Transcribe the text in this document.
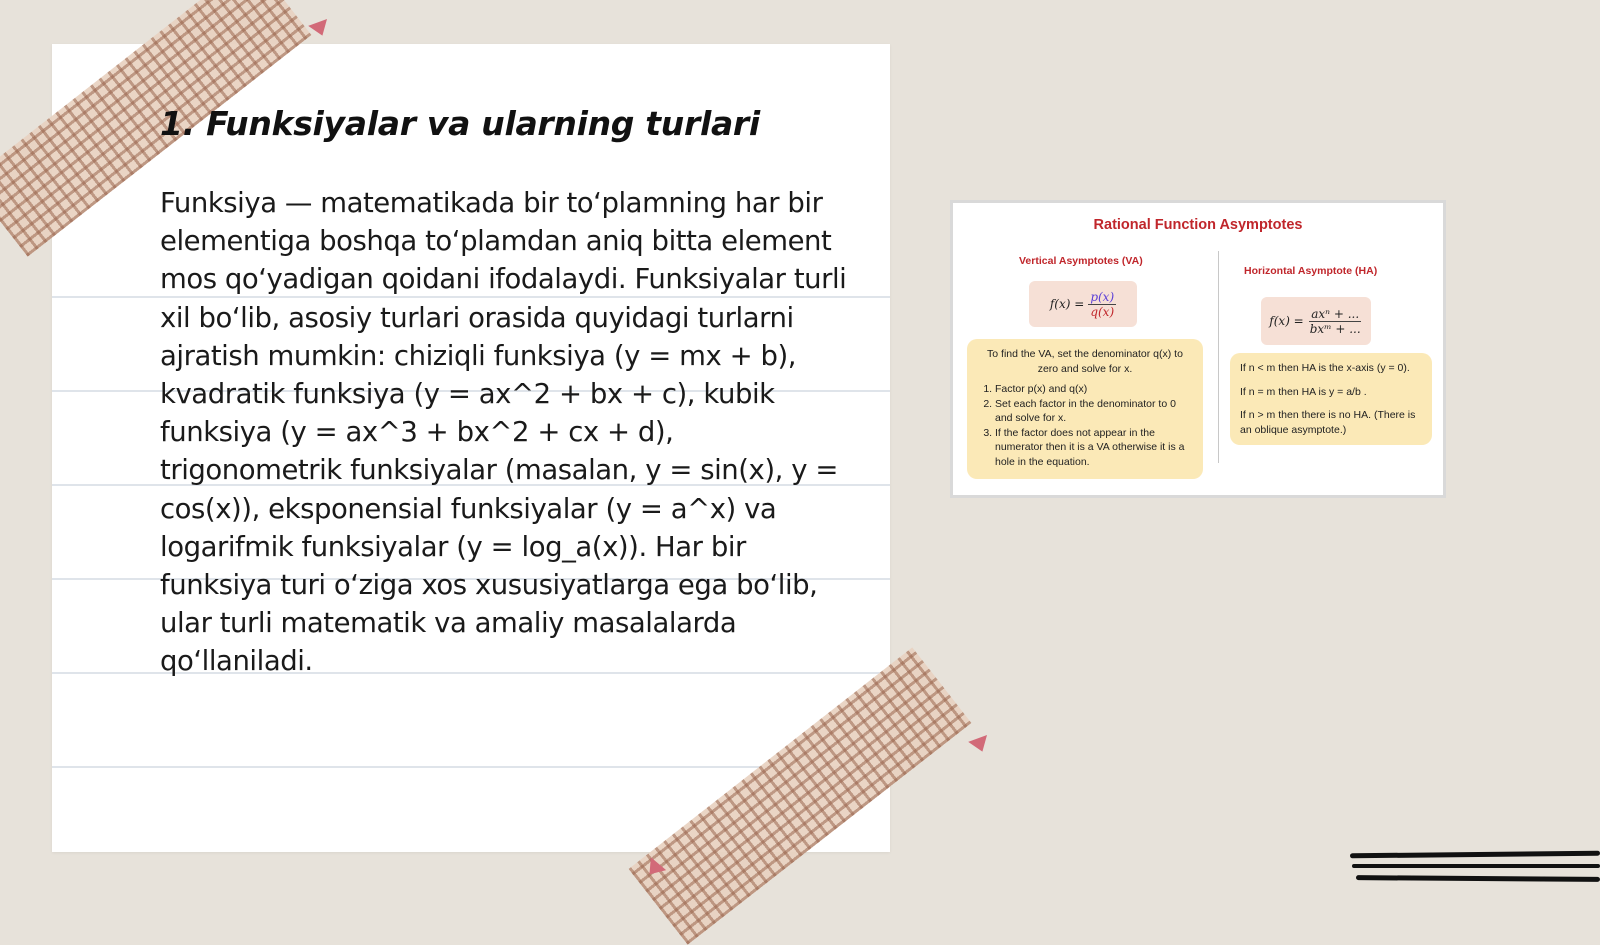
1. Funksiyalar va ularning turlari

Funksiya — matematikada bir to‘plamning har bir elementiga boshqa to‘plamdan aniq bitta element mos qo‘yadigan qoidani ifodalaydi. Funksiyalar turli xil bo‘lib, asosiy turlari orasida quyidagi turlarni ajratish mumkin: chiziqli funksiya (y = mx + b), kvadratik funksiya (y = ax^2 + bx + c), kubik funksiya (y = ax^3 + bx^2 + cx + d), trigonometrik funksiyalar (masalan, y = sin(x), y = cos(x)), eksponensial funksiyalar (y = a^x) va logarifmik funksiyalar (y = log_a(x)). Har bir funksiya turi o‘ziga xos xususiyatlarga ega bo‘lib, ular turli matematik va amaliy masalalarda qo‘llaniladi.

Rational Function Asymptotes
Vertical Asymptotes (VA)
Horizontal Asymptote (HA)
$f(x) = \frac{p(x)}{q(x)}$
$f(x) = \frac{\text{axⁿ + ...}}{\text{bxᵐ + ...}}$
To find the VA, set the denominator q(x) to zero and solve for x.
1. Factor p(x) and q(x)
2. Set each factor in the denominator to 0 and solve for x.
3. If the factor does not appear in the numerator then it is a VA otherwise it is a hole in the equation.

If n < m then HA is the x-axis (y = 0).

If n = m then HA is y = a/b .

If n > m then there is no HA. (There is an oblique asymptote.)
